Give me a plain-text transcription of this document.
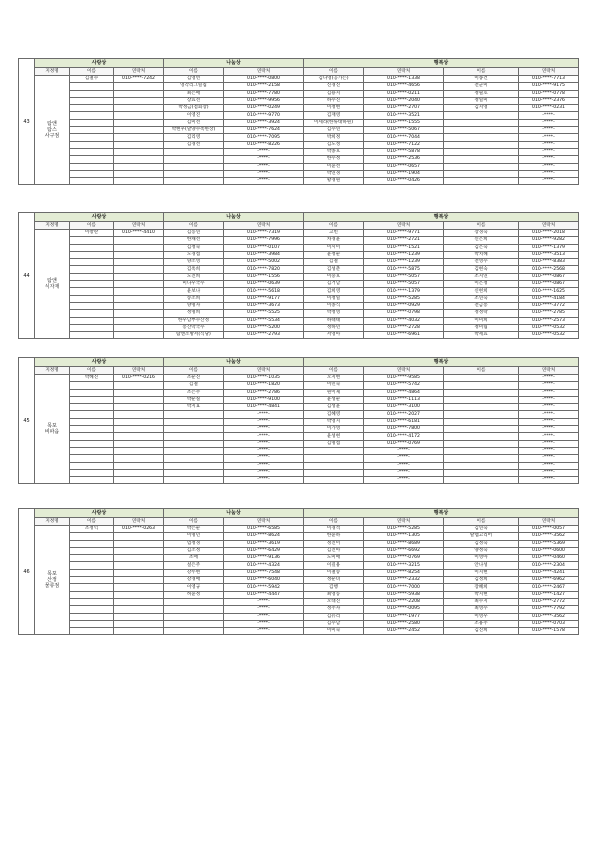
43	사랑상			나눔상		행복상			
	지정명	이름	연락처	이름	연락처	이름	연락처	이름	연락처

	탐앤
탐스
사구점	김철수	010-****-7242	김영빈	010-****-0800	김다영(공가든)	010-****-1338	이종건	010-****-7713
				영각리그릴집	010-****-2158	신경진	010-****-4656	전군미	010-****-9175
				최은애	010-****-7780	김용지	010-****-0211	정필호	010-****-0778
				장효선	010-****-9956	하수진	010-****-2040	정일미	010-****-2376
				박정금(점회장)	010-****-0249	이정현	010-****-2707	김지영	010-****-0231
				이영진	010-****-9770	김재영	010-****-3521		-****-
				김미선	010-****-3924	이세라(한류대하원)	010-****-1555		-****-
				박현우(달양수촉한상)	010-****-7624	김수연	010-****-5067		-****-
				김리영	010-****-7095	박희정	010-****-7044		-****-
				김경선	010-****-8226	김도성	010-****-7122		-****-
					-****-	박종호	010-****-5878		-****-
					-****-	한수정	010-****-2536		-****-
					-****-	이윤선	010-****-0657		-****-
					-****-	박연경	010-****-1904		-****-
					-****-	황경원	010-****-0426		-****-
44	사랑상			나눔상		행복상			
	지정명	이름	연락처	이름	연락처	이름	연락처	이름	연락처

	탐앤
식자재	이창란	010-****-4410	김동연	010-****-7319	고빈	010-****-9771	장경숙	010-****-2018
				한채선	010-****-7996	차경윤	010-****-2721	신은희	010-****-9282
				김정숙	010-****-0107	이시이	010-****-1521	김은숙	010-****-1379
				노경섭	010-****-3984	윤정순	010-****-1239	박치혜	010-****-3513
				양소영	010-****-5002	김철	010-****-1239	전영수	010-****-8383
				김옥희	010-****-7820	김성춘	010-****-5875	김현숙	010-****-2568
				노진희	010-****-1556	이숭호	010-****-5057	조지연	010-****-0867
				미나우국수	010-****-0639	김거남	010-****-5057	이은정	010-****-0867
				윤보나	010-****-5618	김희영	010-****-1379	신현희	010-****-1625
				송소희	010-****-9177	이정일	010-****-5285	조연숙	010-****-4184
				양명자	010-****-3673	이종식	010-****-0929	전금봉	010-****-3772
				정명희	010-****-5525	박정영	010-****-0798	정정락	010-****-2785
				한우남부수산정	010-****-5534	하태태	010-****-4032	이미희	010-****-2573
				봉산막국수	010-****-5200	정하민	010-****-2728	정미림	010-****-0532
				탐앤소방서(식당)	010-****-2793	서영아	010-****-6961	박세효	010-****-0532
45	사랑상			나눔상		행복상			
	지정명	이름	연락처	이름	연락처	이름	연락처	이름	연락처

	목포
비파읍	박혜진	010-****-0216	조순진	010-****-1035	오지현	010-****-9585		-****-
				김철	010-****-1820	이민숙	010-****-5742		-****-
				조은주	010-****-2786	원이제	010-****-4864		-****-
				박순실	010-****-9100	윤성순	010-****-1113		-****-
				박지효	010-****-4841	김성윤	010-****-3100		-****-
					-****-	김혜영	010-****-2027		-****-
					-****-	박영지	010-****-6181		-****-
					-****-	이가영	010-****-7800		-****-
					-****-	윤성현	010-****-4172		-****-
					-****-	김명섭	010-****-0769		-****-
					-****-		-****-		-****-
					-****-		-****-		-****-
					-****-		-****-		-****-
					-****-		-****-		-****-
					-****-		-****-		-****-
46	사랑상			나눔상		행복상			
	지정명	이름	연락처	이름	연락처	이름	연락처	이름	연락처

	목포
산정
물류점	조정익	010-****-0263	박은순	010-****-6585	이경석	010-****-5285	김연숙	010-****-0057
				이명년	010-****-8624	한윤하	010-****-1305	탈렙고리어	010-****-3562
				염정경	010-****-3619	정진이	010-****-8689	김정숙	010-****-5369
				김소정	010-****-6429	김진아	010-****-6692	양정숙	010-****-0600
				조애	010-****-9136	도미애	010-****-0769	이영아	010-****-0460
				설은주	010-****-4324	이길용	010-****-3215	안나성	010-****-2304
				강두현	010-****-7548	이철승	010-****-8254	이지현	010-****-4241
				강경애	010-****-6040	정순녀	010-****-2332	김정희	010-****-6962
				이영규	010-****-5942	김행	010-****-7000	장혜희	010-****-2467
				허윤정	010-****-4447	최영동	010-****-5938	박지현	010-****-1427
					-****-	오대진	010-****-2208	최수지	010-****-2772
					-****-	정주자	010-****-0095	최영수	010-****-7792
					-****-	김유리	010-****-1977	이영우	010-****-3562
					-****-	김수남	010-****-2580	조용주	010-****-0703
					-****-	이미숙	010-****-2452	김진희	010-****-1578
